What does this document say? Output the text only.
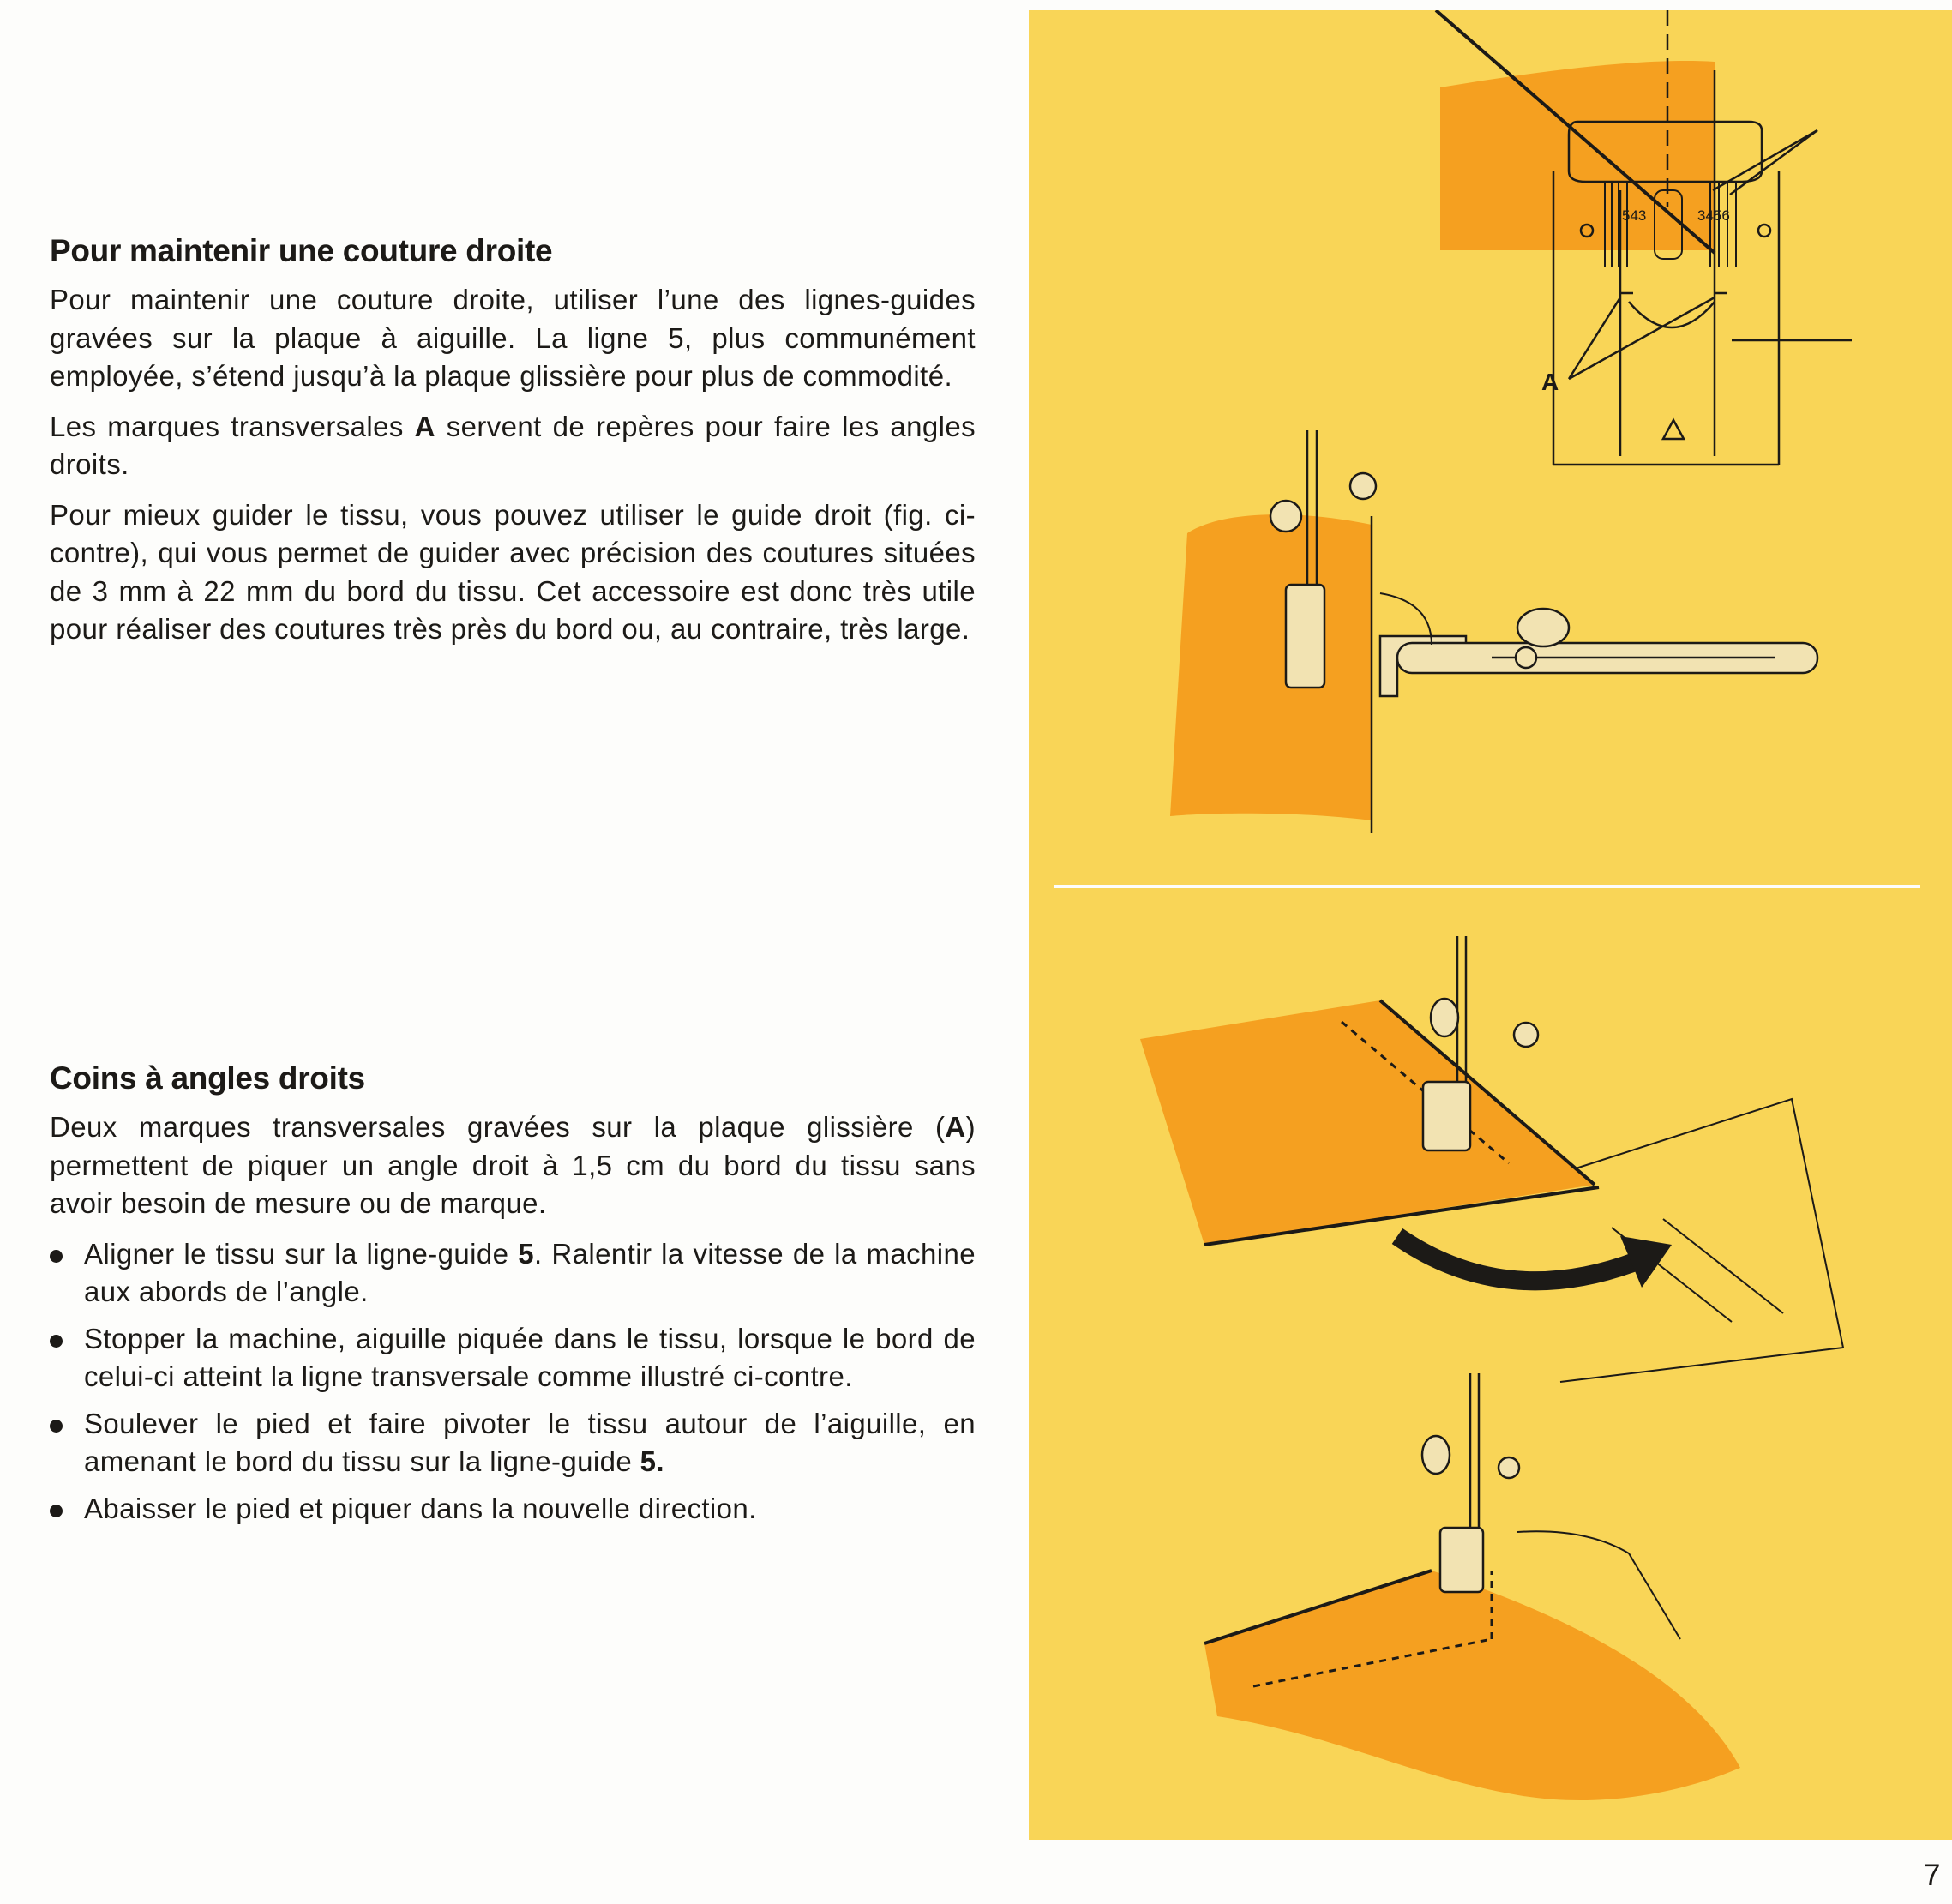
Pour maintenir une couture droite

Pour maintenir une couture droite, utiliser l’une des lignes-guides gravées sur la plaque à aiguille. La ligne 5, plus communément employée, s’étend jusqu’à la plaque glissière pour plus de commodité.

Les marques transversales A servent de repères pour faire les angles droits.

Pour mieux guider le tissu, vous pouvez utiliser le guide droit (fig. ci-contre), qui vous permet de guider avec précision des coutures situées de 3 mm à 22 mm du bord du tissu. Cet accessoire est donc très utile pour réaliser des coutures très près du bord ou, au contraire, très large.

Coins à angles droits

Deux marques transversales gravées sur la plaque glissière (A) permettent de piquer un angle droit à 1,5 cm du bord du tissu sans avoir besoin de mesure ou de marque.

Aligner le tissu sur la ligne-guide 5. Ralentir la vitesse de la machine aux abords de l’angle.
Stopper la machine, aiguille piquée dans le tissu, lorsque le bord de celui-ci atteint la ligne transversale comme illustré ci-contre.
Soulever le pied et faire pivoter le tissu autour de l’aiguille, en amenant le bord du tissu sur la ligne-guide 5.
Abaisser le pied et piquer dans la nouvelle direction.
543	3456
A
7
